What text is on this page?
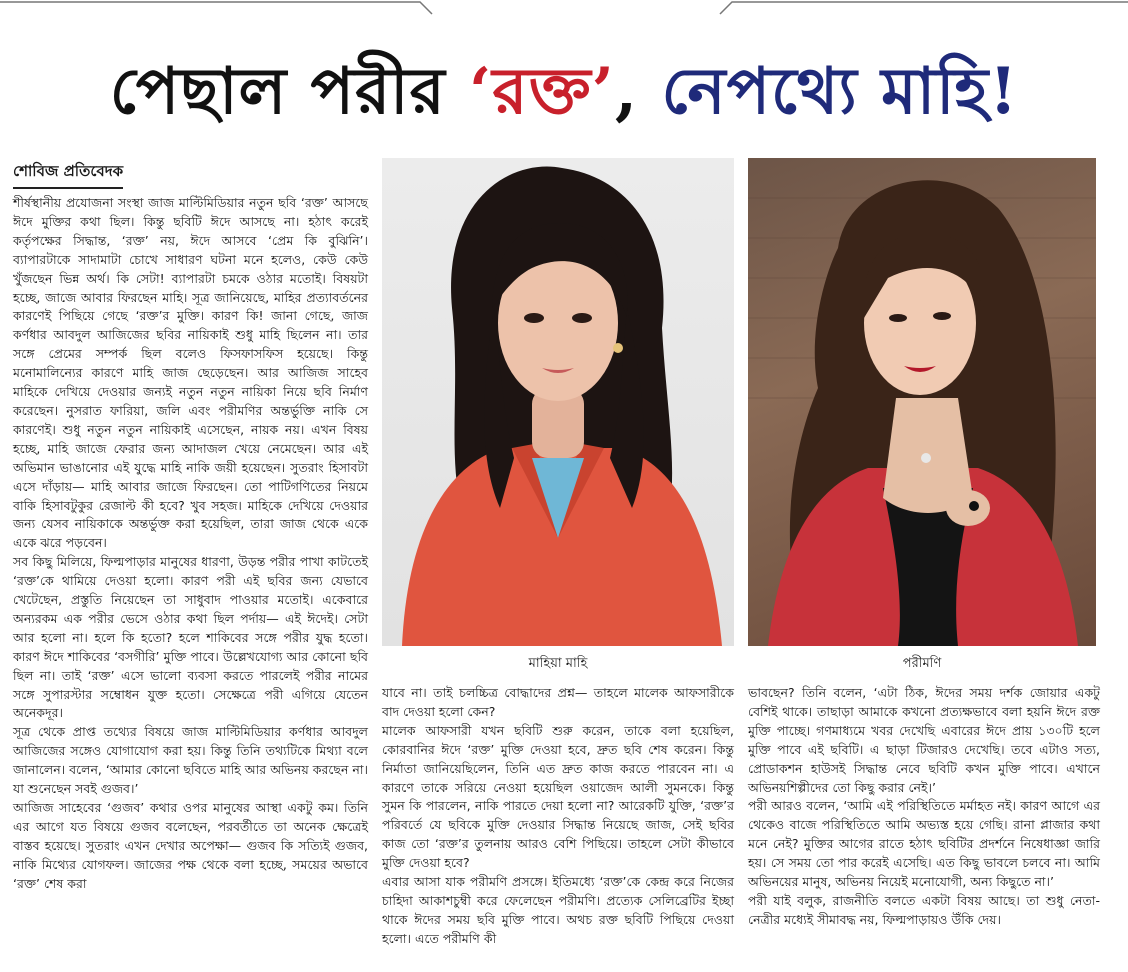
পেছাল পরীর ‘রক্ত’, নেপথ্যে মাহি!
শোবিজ প্রতিবেদক

শীর্ষস্থানীয় প্রযোজনা সংস্থা জাজ মাল্টিমিডিয়ার নতুন ছবি ‘রক্ত’ আসছে ঈদে মুক্তির কথা ছিল। কিন্তু ছবিটি ঈদে আসছে না। হঠাৎ করেই কর্তৃপক্ষের সিদ্ধান্ত, ‘রক্ত’ নয়, ঈদে আসবে ‘প্রেম কি বুঝিনি’। ব্যাপারটাকে সাদামাটা চোখে সাধারণ ঘটনা মনে হলেও, কেউ কেউ খুঁজছেন ভিন্ন অর্থ। কি সেটা! ব্যাপারটা চমকে ওঠার মতোই। বিষয়টা হচ্ছে, জাজে আবার ফিরছেন মাহি। সূত্র জানিয়েছে, মাহির প্রত্যাবর্তনের কারণেই পিছিয়ে গেছে ‘রক্ত’র মুক্তি। কারণ কি! জানা গেছে, জাজ কর্ণধার আবদুল আজিজের ছবির নায়িকাই শুধু মাহি ছিলেন না। তার সঙ্গে প্রেমের সম্পর্ক ছিল বলেও ফিসফাসফিস হয়েছে। কিন্তু মনোমালিন্যের কারণে মাহি জাজ ছেড়েছেন। আর আজিজ সাহেব মাহিকে দেখিয়ে দেওয়ার জন্যই নতুন নতুন নায়িকা নিয়ে ছবি নির্মাণ করেছেন। নুসরাত ফারিয়া, জলি এবং পরীমণির অন্তর্ভুক্তি নাকি সে কারণেই। শুধু নতুন নতুন নায়িকাই এসেছেন, নায়ক নয়। এখন বিষয় হচ্ছে, মাহি জাজে ফেরার জন্য আদাজল খেয়ে নেমেছেন। আর এই অভিমান ভাঙানোর এই যুদ্ধে মাহি নাকি জয়ী হয়েছেন। সুতরাং হিসাবটা এসে দাঁড়ায়— মাহি আবার জাজে ফিরছেন। তো পাটিগণিতের নিয়মে বাকি হিসাবটুকুর রেজাল্ট কী হবে? খুব সহজ। মাহিকে দেখিয়ে দেওয়ার জন্য যেসব নায়িকাকে অন্তর্ভুক্ত করা হয়েছিল, তারা জাজ থেকে একে একে ঝরে পড়বেন।

সব কিছু মিলিয়ে, ফিল্মপাড়ার মানুষের ধারণা, উড়ন্ত পরীর পাখা কাটতেই ‘রক্ত’কে থামিয়ে দেওয়া হলো। কারণ পরী এই ছবির জন্য যেভাবে খেটেছেন, প্রস্তুতি নিয়েছেন তা সাধুবাদ পাওয়ার মতোই। একেবারে অন্যরকম এক পরীর ভেসে ওঠার কথা ছিল পর্দায়— এই ঈদেই। সেটা আর হলো না। হলে কি হতো? হলে শাকিবের সঙ্গে পরীর যুদ্ধ হতো। কারণ ঈদে শাকিবের ‘বসগীরি’ মুক্তি পাবে। উল্লেখযোগ্য আর কোনো ছবি ছিল না। তাই ‘রক্ত’ এসে ভালো ব্যবসা করতে পারলেই পরীর নামের সঙ্গে সুপারস্টার সম্বোধন যুক্ত হতো। সেক্ষেত্রে পরী এগিয়ে যেতেন অনেকদূর।

সূত্র থেকে প্রাপ্ত তথ্যের বিষয়ে জাজ মাল্টিমিডিয়ার কর্ণধার আবদুল আজিজের সঙ্গেও যোগাযোগ করা হয়। কিন্তু তিনি তথ্যটিকে মিথ্যা বলে জানালেন। বলেন, ‘আমার কোনো ছবিতে মাহি আর অভিনয় করছেন না। যা শুনেছেন সবই গুজব।’

আজিজ সাহেবের ‘গুজব’ কথার ওপর মানুষের আস্থা একটু কম। তিনি এর আগে যত বিষয়ে গুজব বলেছেন, পরবর্তীতে তা অনেক ক্ষেত্রেই বাস্তব হয়েছে। সুতরাং এখন দেখার অপেক্ষা— গুজব কি সত্যিই গুজব, নাকি মিথ্যের যোগফল। জাজের পক্ষ থেকে বলা হচ্ছে, সময়ের অভাবে ‘রক্ত’ শেষ করা

মাহিয়া মাহি	পরীমণি

যাবে না। তাই চলচ্চিত্র বোদ্ধাদের প্রশ্ন— তাহলে মালেক আফসারীকে বাদ দেওয়া হলো কেন?

মালেক আফসারী যখন ছবিটি শুরু করেন, তাকে বলা হয়েছিল, কোরবানির ঈদে ‘রক্ত’ মুক্তি দেওয়া হবে, দ্রুত ছবি শেষ করেন। কিন্তু নির্মাতা জানিয়েছিলেন, তিনি এত দ্রুত কাজ করতে পারবেন না। এ কারণে তাকে সরিয়ে নেওয়া হয়েছিল ওয়াজেদ আলী সুমনকে। কিন্তু সুমন কি পারলেন, নাকি পারতে দেয়া হলো না? আরেকটি যুক্তি, ‘রক্ত’র পরিবর্তে যে ছবিকে মুক্তি দেওয়ার সিদ্ধান্ত নিয়েছে জাজ, সেই ছবির কাজ তো ‘রক্ত’র তুলনায় আরও বেশি পিছিয়ে। তাহলে সেটা কীভাবে মুক্তি দেওয়া হবে?

এবার আসা যাক পরীমণি প্রসঙ্গে। ইতিমধ্যে ‘রক্ত’কে কেন্দ্র করে নিজের চাহিদা আকাশচুম্বী করে ফেলেছেন পরীমণি। প্রত্যেক সেলিব্রেটির ইচ্ছা থাকে ঈদের সময় ছবি মুক্তি পাবে। অথচ রক্ত ছবিটি পিছিয়ে দেওয়া হলো। এতে পরীমণি কী

ভাবছেন? তিনি বলেন, ‘এটা ঠিক, ঈদের সময় দর্শক জোয়ার একটু বেশিই থাকে। তাছাড়া আমাকে কখনো প্রত্যক্ষভাবে বলা হয়নি ঈদে রক্ত মুক্তি পাচ্ছে। গণমাধ্যমে খবর দেখেছি এবারের ঈদে প্রায় ১৩০টি হলে মুক্তি পাবে এই ছবিটি। এ ছাড়া টিজারও দেখেছি। তবে এটাও সত্য, প্রোডাকশন হাউসই সিদ্ধান্ত নেবে ছবিটি কখন মুক্তি পাবে। এখানে অভিনয়শিল্পীদের তো কিছু করার নেই।’

পরী আরও বলেন, ‘আমি এই পরিস্থিতিতে মর্মাহত নই। কারণ আগে এর থেকেও বাজে পরিস্থিতিতে আমি অভ্যস্ত হয়ে গেছি। রানা প্লাজার কথা মনে নেই? মুক্তির আগের রাতে হঠাৎ ছবিটির প্রদর্শনে নিষেধাজ্ঞা জারি হয়। সে সময় তো পার করেই এসেছি। এত কিছু ভাবলে চলবে না। আমি অভিনয়ের মানুষ, অভিনয় নিয়েই মনোযোগী, অন্য কিছুতে না।’

পরী যাই বলুক, রাজনীতি বলতে একটা বিষয় আছে। তা শুধু নেতা-নেত্রীর মধ্যেই সীমাবদ্ধ নয়, ফিল্মপাড়ায়ও উঁকি দেয়।
